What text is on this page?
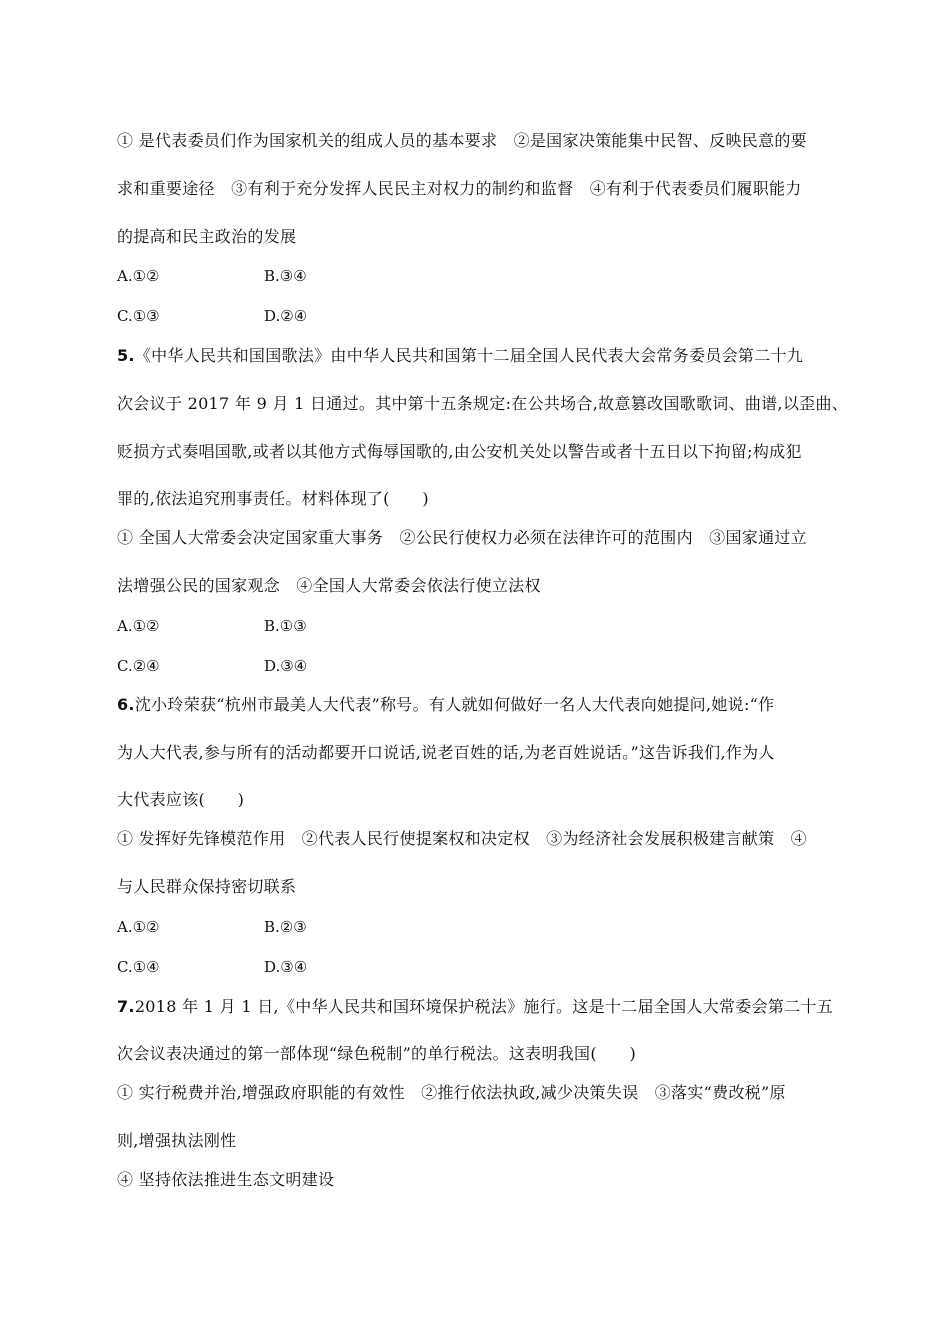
① 是代表委员们作为国家机关的组成人员的基本要求　②是国家决策能集中民智、反映民意的要
求和重要途径　③有利于充分发挥人民民主对权力的制约和监督　④有利于代表委员们履职能力
的提高和民主政治的发展
A.①②	B.③④
C.①③	D.②④
5.《中华人民共和国国歌法》由中华人民共和国第十二届全国人民代表大会常务委员会第二十九
次会议于 2017 年 9 月 1 日通过。其中第十五条规定:在公共场合,故意篡改国歌歌词、曲谱,以歪曲、
贬损方式奏唱国歌,或者以其他方式侮辱国歌的,由公安机关处以警告或者十五日以下拘留;构成犯
罪的,依法追究刑事责任。材料体现了(　　)
① 全国人大常委会决定国家重大事务　②公民行使权力必须在法律许可的范围内　③国家通过立
法增强公民的国家观念　④全国人大常委会依法行使立法权
A.①②	B.①③
C.②④	D.③④
6.沈小玲荣获“杭州市最美人大代表”称号。有人就如何做好一名人大代表向她提问,她说:“作
为人大代表,参与所有的活动都要开口说话,说老百姓的话,为老百姓说话。”这告诉我们,作为人
大代表应该(　　)
① 发挥好先锋模范作用　②代表人民行使提案权和决定权　③为经济社会发展积极建言献策　④
与人民群众保持密切联系
A.①②	B.②③
C.①④	D.③④
7.2018 年 1 月 1 日,《中华人民共和国环境保护税法》施行。这是十二届全国人大常委会第二十五
次会议表决通过的第一部体现“绿色税制”的单行税法。这表明我国(　　)
① 实行税费并治,增强政府职能的有效性　②推行依法执政,减少决策失误　③落实“费改税”原
则,增强执法刚性
④ 坚持依法推进生态文明建设
